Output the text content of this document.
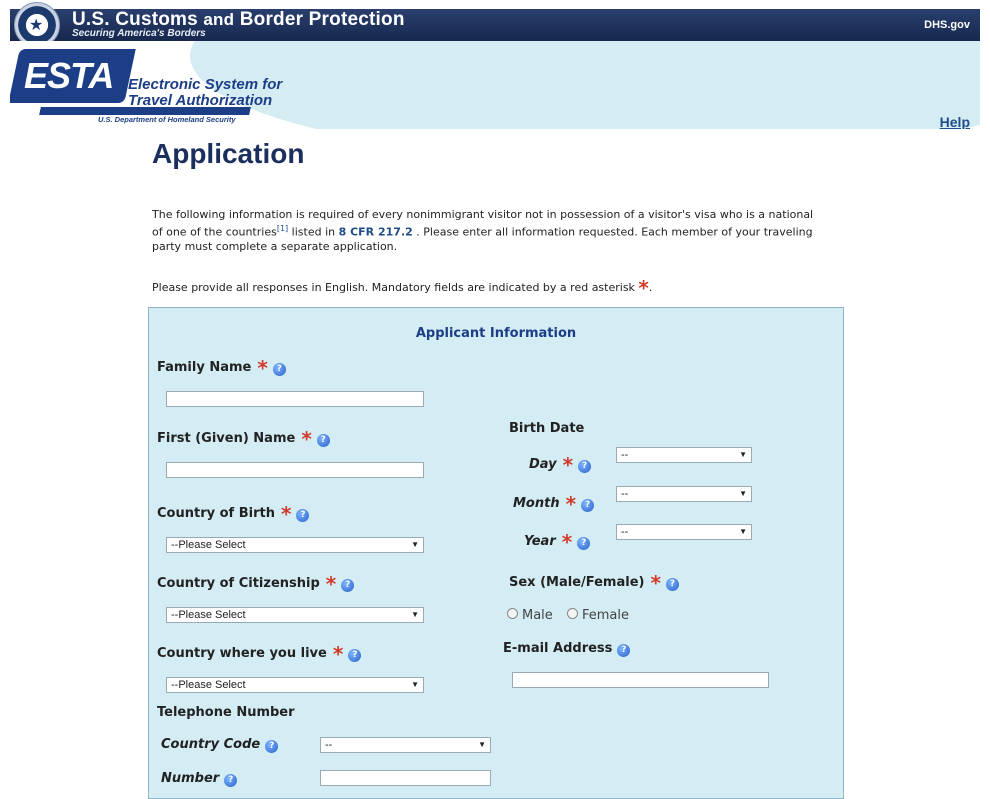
U.S. Customs and Border Protection
Securing America's Borders
DHS.gov
★
ESTA Electronic System for
Travel Authorization
U.S. Department of Homeland Security	Help
Application
The following information is required of every nonimmigrant visitor not in possession of a visitor's visa who is a national of one of the countries[1] listed in 8 CFR 217.2 . Please enter all information requested. Each member of your traveling party must complete a separate application.
Please provide all responses in English. Mandatory fields are indicated by a red asterisk *.
Applicant Information
Family Name * ?
First (Given) Name * ?
Country of Birth * ?
--Please Select	▼
Country of Citizenship * ?
--Please Select	▼
Country where you live * ?
--Please Select	▼
Telephone Number
Country Code ?	--	▼
Number ?
Birth Date
Day * ?
--	▼
Month * ?
--	▼
Year * ?
--	▼
Sex (Male/Female) * ?
Male	Female
E-mail Address ?
